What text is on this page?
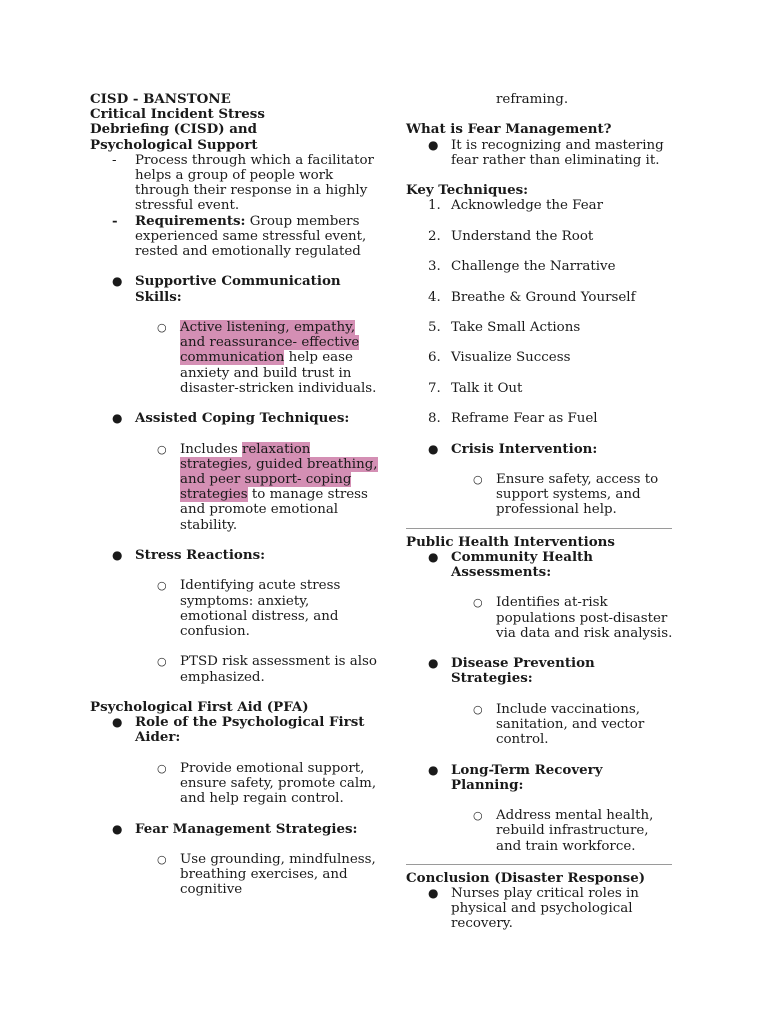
CISD - BANSTONE
Critical Incident Stress Debriefing (CISD) and Psychological Support
- Process through which a facilitator helps a group of people work through their response in a highly stressful event.
- Requirements: Group members experienced same stressful event, rested and emotionally regulated
● Supportive Communication Skills:
○ Active listening, empathy, and reassurance- effective communication help ease anxiety and build trust in disaster-stricken individuals.
● Assisted Coping Techniques:
○ Includes relaxation strategies, guided breathing, and peer support- coping strategies to manage stress and promote emotional stability.
● Stress Reactions:
○ Identifying acute stress symptoms: anxiety, emotional distress, and confusion.
○ PTSD risk assessment is also emphasized.
Psychological First Aid (PFA)
● Role of the Psychological First Aider:
○ Provide emotional support, ensure safety, promote calm, and help regain control.
● Fear Management Strategies:
○ Use grounding, mindfulness, breathing exercises, and cognitive
reframing.
What is Fear Management?
● It is recognizing and mastering fear rather than eliminating it.
Key Techniques:
1. Acknowledge the Fear
2. Understand the Root
3. Challenge the Narrative
4. Breathe & Ground Yourself
5. Take Small Actions
6. Visualize Success
7. Talk it Out
8. Reframe Fear as Fuel
● Crisis Intervention:
○ Ensure safety, access to support systems, and professional help.
Public Health Interventions
● Community Health Assessments:
○ Identifies at-risk populations post-disaster via data and risk analysis.
● Disease Prevention Strategies:
○ Include vaccinations, sanitation, and vector control.
● Long-Term Recovery Planning:
○ Address mental health, rebuild infrastructure, and train workforce.
Conclusion (Disaster Response)
● Nurses play critical roles in physical and psychological recovery.
